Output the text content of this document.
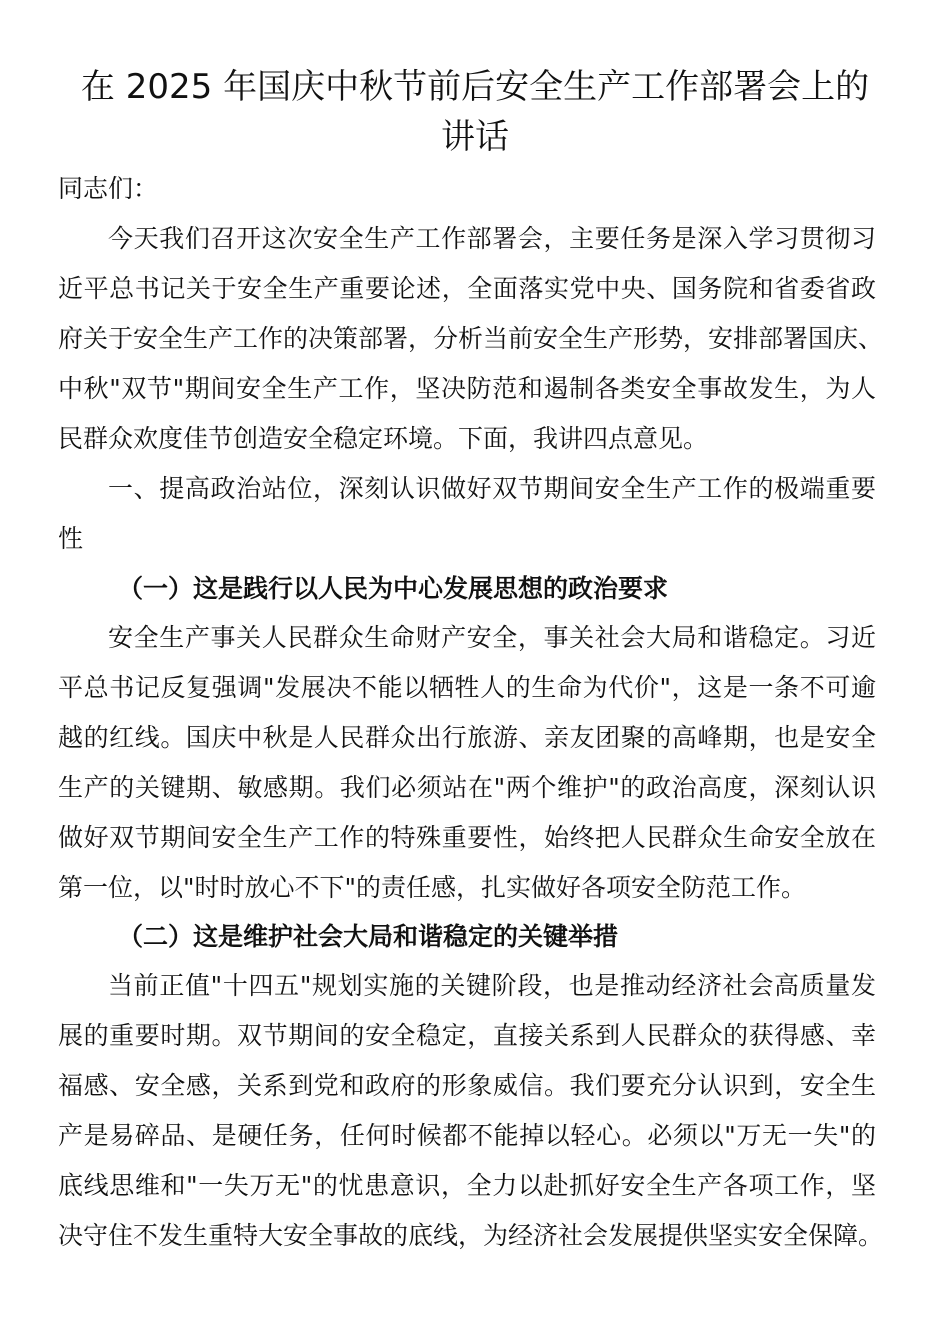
在 2025 年国庆中秋节前后安全生产工作部署会上的
讲话

同志们：

今天我们召开这次安全生产工作部署会，主要任务是深入学习贯彻习

近平总书记关于安全生产重要论述，全面落实党中央、国务院和省委省政

府关于安全生产工作的决策部署，分析当前安全生产形势，安排部署国庆、

中秋"双节"期间安全生产工作，坚决防范和遏制各类安全事故发生，为人

民群众欢度佳节创造安全稳定环境。下面，我讲四点意见。

一、提高政治站位，深刻认识做好双节期间安全生产工作的极端重要

性

（一）这是践行以人民为中心发展思想的政治要求

安全生产事关人民群众生命财产安全，事关社会大局和谐稳定。习近

平总书记反复强调"发展决不能以牺牲人的生命为代价"，这是一条不可逾

越的红线。国庆中秋是人民群众出行旅游、亲友团聚的高峰期，也是安全

生产的关键期、敏感期。我们必须站在"两个维护"的政治高度，深刻认识

做好双节期间安全生产工作的特殊重要性，始终把人民群众生命安全放在

第一位，以"时时放心不下"的责任感，扎实做好各项安全防范工作。

（二）这是维护社会大局和谐稳定的关键举措

当前正值"十四五"规划实施的关键阶段，也是推动经济社会高质量发

展的重要时期。双节期间的安全稳定，直接关系到人民群众的获得感、幸

福感、安全感，关系到党和政府的形象威信。我们要充分认识到，安全生

产是易碎品、是硬任务，任何时候都不能掉以轻心。必须以"万无一失"的

底线思维和"一失万无"的忧患意识，全力以赴抓好安全生产各项工作，坚

决守住不发生重特大安全事故的底线，为经济社会发展提供坚实安全保障。
